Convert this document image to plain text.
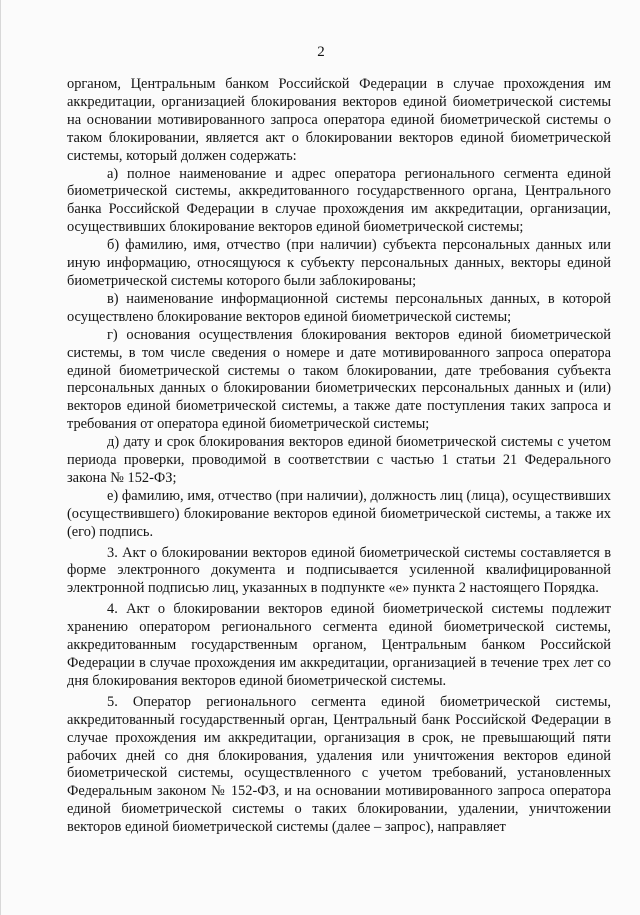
2

органом, Центральным банком Российской Федерации в случае прохождения им аккредитации, организацией блокирования векторов единой биометрической системы на основании мотивированного запроса оператора единой биометрической системы о таком блокировании, является акт о блокировании векторов единой биометрической системы, который должен содержать:

а) полное наименование и адрес оператора регионального сегмента единой биометрической системы, аккредитованного государственного органа, Центрального банка Российской Федерации в случае прохождения им аккредитации, организации, осуществивших блокирование векторов единой биометрической системы;

б) фамилию, имя, отчество (при наличии) субъекта персональных данных или иную информацию, относящуюся к субъекту персональных данных, векторы единой биометрической системы которого были заблокированы;

в) наименование информационной системы персональных данных, в которой осуществлено блокирование векторов единой биометрической системы;

г) основания осуществления блокирования векторов единой биометрической системы, в том числе сведения о номере и дате мотивированного запроса оператора единой биометрической системы о таком блокировании, дате требования субъекта персональных данных о блокировании биометрических персональных данных и (или) векторов единой биометрической системы, а также дате поступления таких запроса и требования от оператора единой биометрической системы;

д) дату и срок блокирования векторов единой биометрической системы с учетом периода проверки, проводимой в соответствии с частью 1 статьи 21 Федерального закона № 152-ФЗ;

е) фамилию, имя, отчество (при наличии), должность лиц (лица), осуществивших (осуществившего) блокирование векторов единой биометрической системы, а также их (его) подпись.

3. Акт о блокировании векторов единой биометрической системы составляется в форме электронного документа и подписывается усиленной квалифицированной электронной подписью лиц, указанных в подпункте «е» пункта 2 настоящего Порядка.

4. Акт о блокировании векторов единой биометрической системы подлежит хранению оператором регионального сегмента единой биометрической системы, аккредитованным государственным органом, Центральным банком Российской Федерации в случае прохождения им аккредитации, организацией в течение трех лет со дня блокирования векторов единой биометрической системы.

5. Оператор регионального сегмента единой биометрической системы, аккредитованный государственный орган, Центральный банк Российской Федерации в случае прохождения им аккредитации, организация в срок, не превышающий пяти рабочих дней со дня блокирования, удаления или уничтожения векторов единой биометрической системы, осуществленного с учетом требований, установленных Федеральным законом № 152-ФЗ, и на основании мотивированного запроса оператора единой биометрической системы о таких блокировании, удалении, уничтожении векторов единой биометрической системы (далее – запрос), направляет
